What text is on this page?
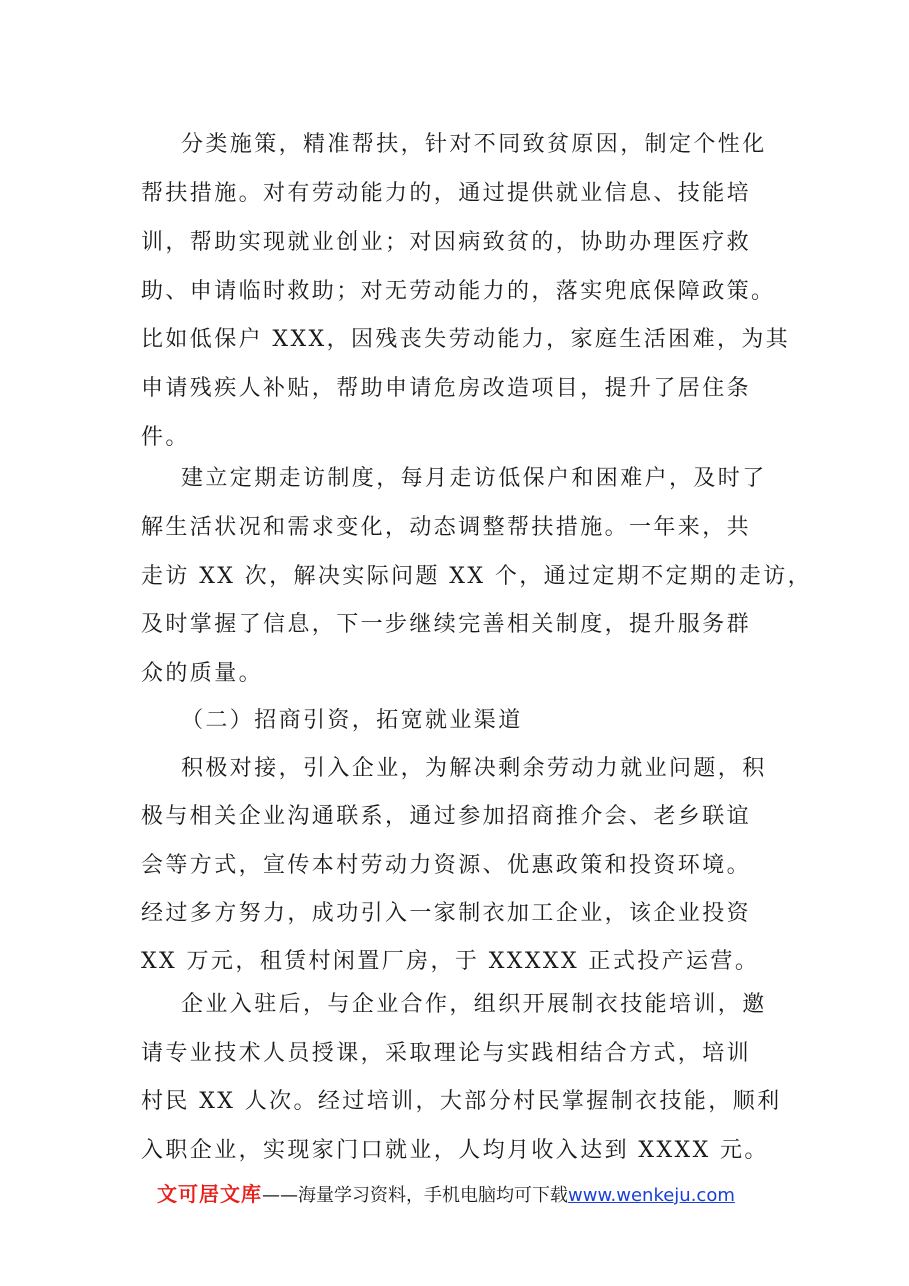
分类施策，精准帮扶，针对不同致贫原因，制定个性化
帮扶措施。对有劳动能力的，通过提供就业信息、技能培
训，帮助实现就业创业；对因病致贫的，协助办理医疗救
助、申请临时救助；对无劳动能力的，落实兜底保障政策。
比如低保户 XXX，因残丧失劳动能力，家庭生活困难，为其
申请残疾人补贴，帮助申请危房改造项目，提升了居住条
件。
建立定期走访制度，每月走访低保户和困难户，及时了
解生活状况和需求变化，动态调整帮扶措施。一年来，共
走访 XX 次，解决实际问题 XX 个，通过定期不定期的走访，
及时掌握了信息，下一步继续完善相关制度，提升服务群
众的质量。
（二）招商引资，拓宽就业渠道
积极对接，引入企业，为解决剩余劳动力就业问题，积
极与相关企业沟通联系，通过参加招商推介会、老乡联谊
会等方式，宣传本村劳动力资源、优惠政策和投资环境。
经过多方努力，成功引入一家制衣加工企业，该企业投资
XX 万元，租赁村闲置厂房，于 XXXXX 正式投产运营。
企业入驻后，与企业合作，组织开展制衣技能培训，邀
请专业技术人员授课，采取理论与实践相结合方式，培训
村民 XX 人次。经过培训，大部分村民掌握制衣技能，顺利
入职企业，实现家门口就业，人均月收入达到 XXXX 元。
文可居文库——海量学习资料，手机电脑均可下载www.wenkeju.com
